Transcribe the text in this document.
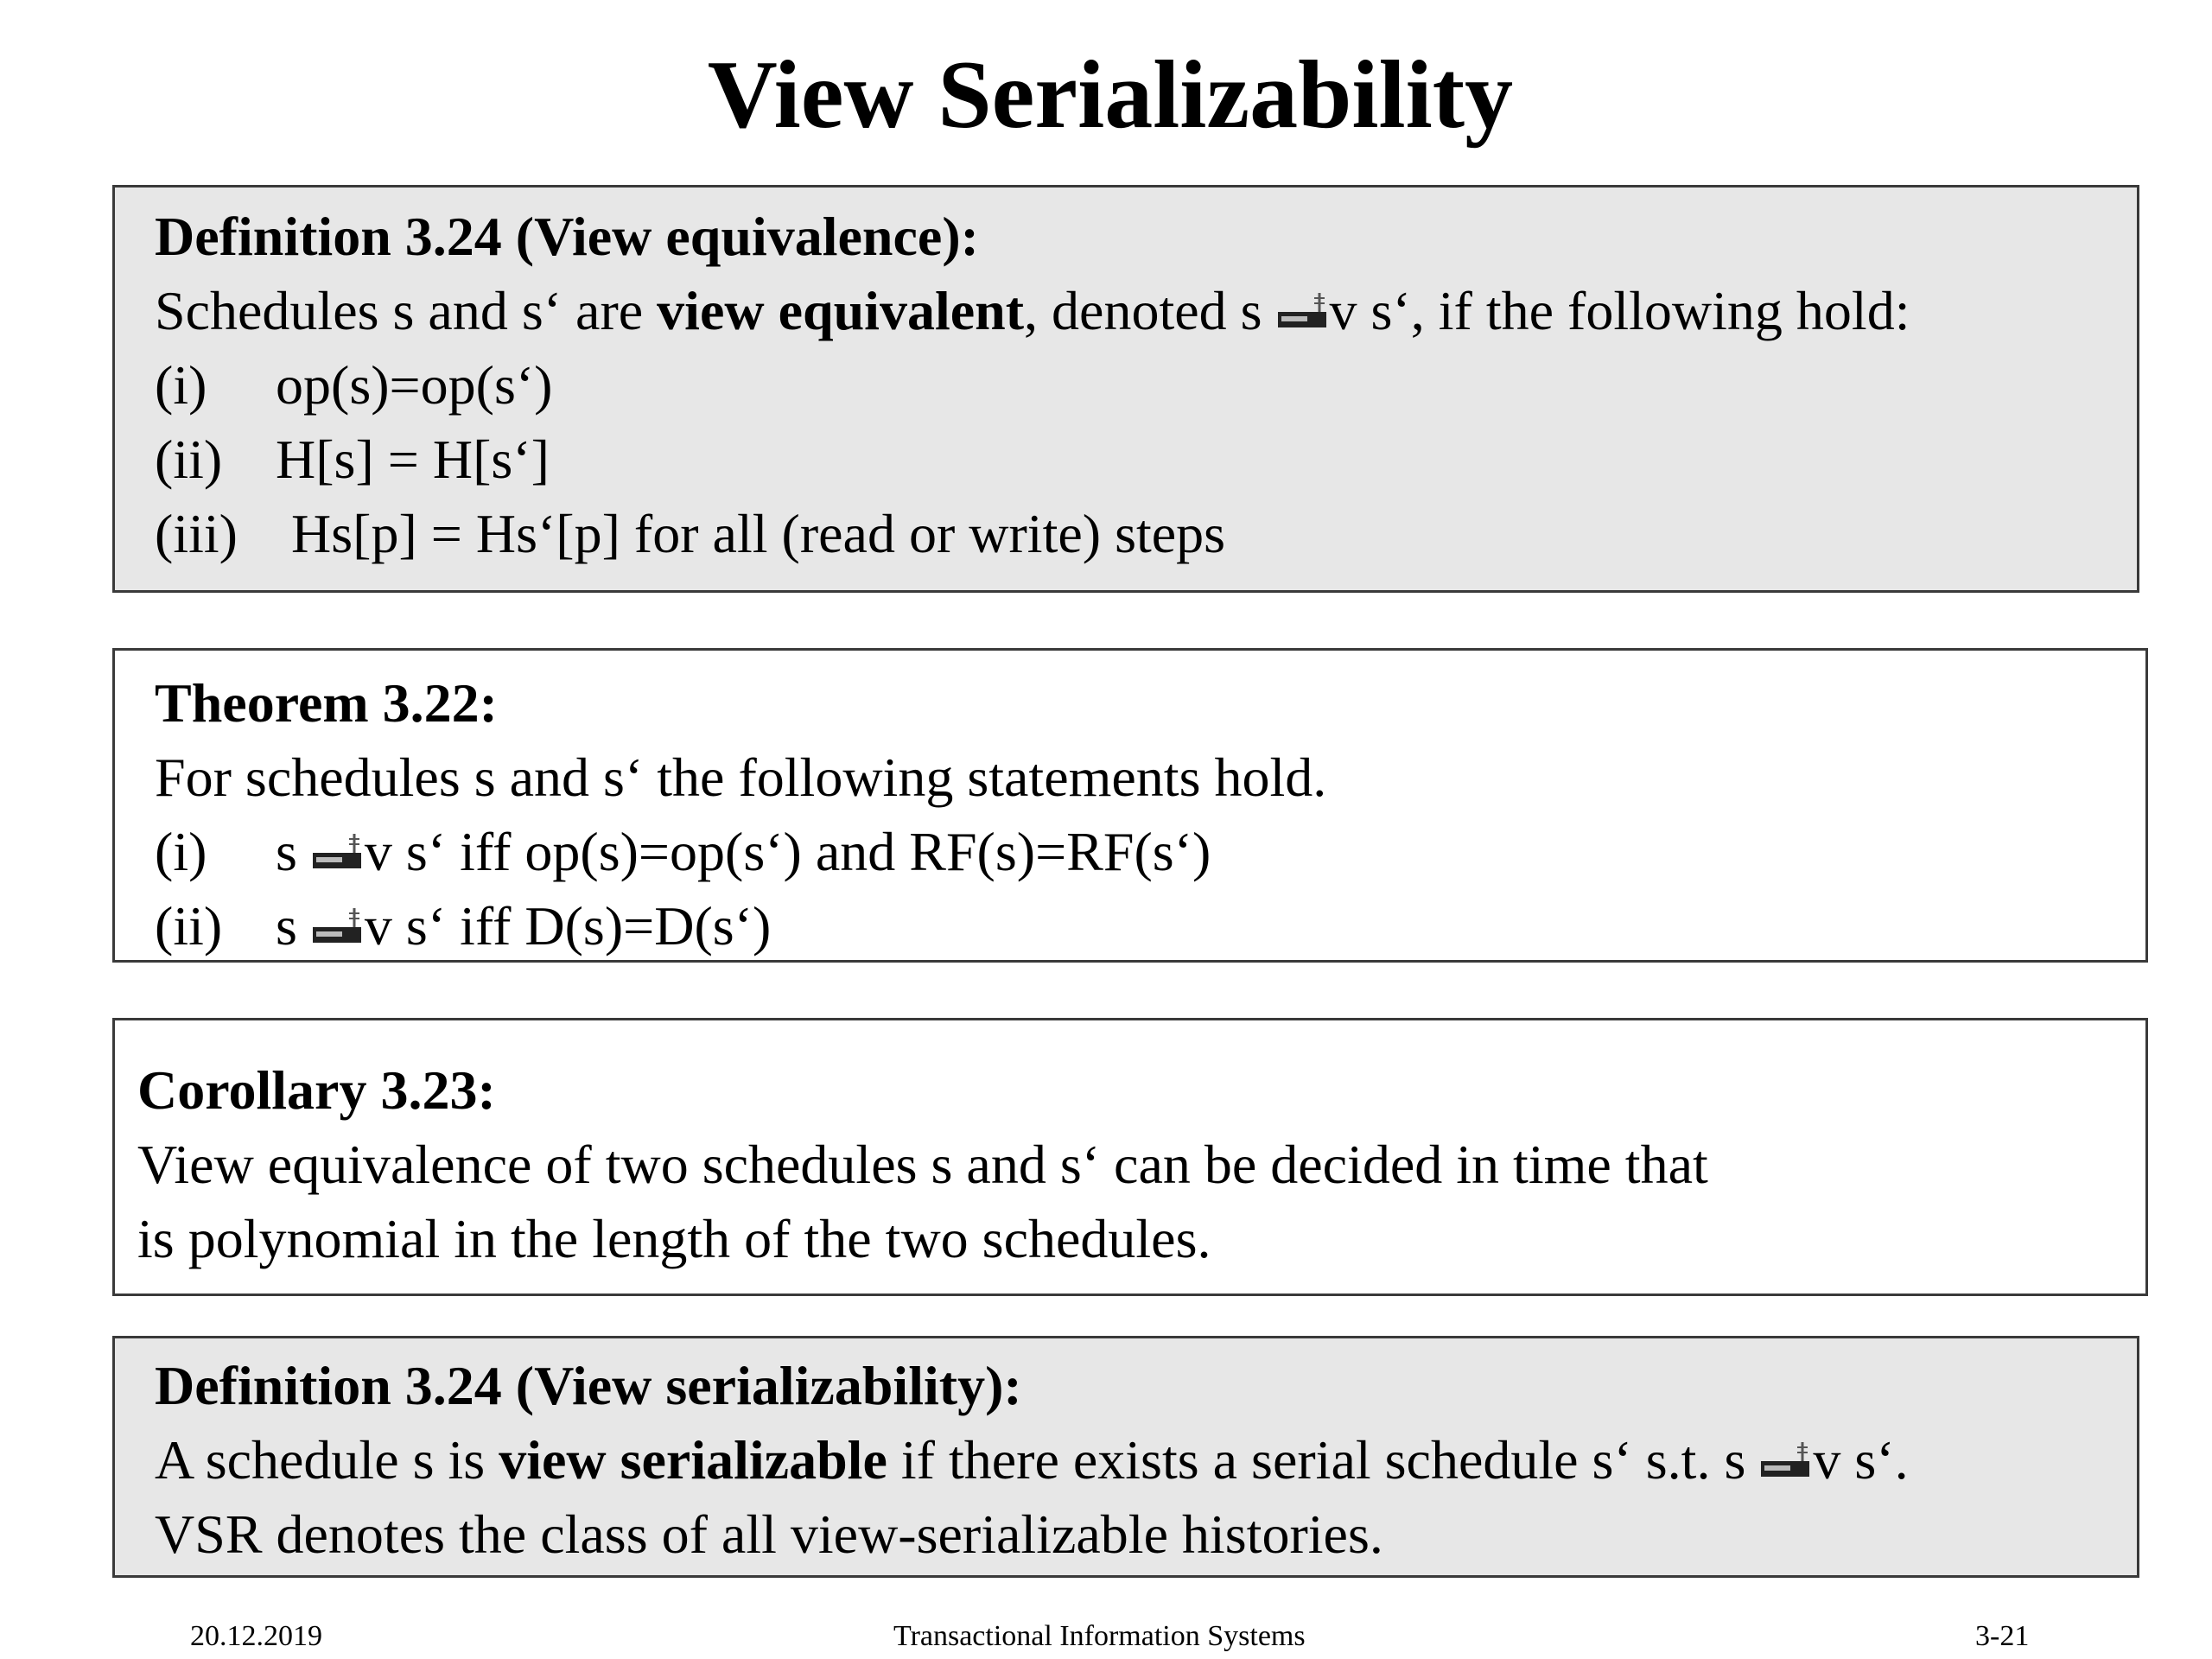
View Serializability
Definition 3.24 (View equivalence):
Schedules s and s‘ are view equivalent, denoted s
v s‘, if the following hold:
(i) op(s)=op(s‘)
(ii) H[s] = H[s‘]
(iii) Hs[p] = Hs‘[p] for all (read or write) steps
Theorem 3.22:
For schedules s and s‘ the following statements hold.
(i) s
v s‘ iff op(s)=op(s‘) and RF(s)=RF(s‘)
(ii) s
v s‘ iff D(s)=D(s‘)
Corollary 3.23:
View equivalence of two schedules s and s‘ can be decided in time that
is polynomial in the length of the two schedules.
Definition 3.24 (View serializability):
A schedule s is view serializable if there exists a serial schedule s‘ s.t. s
v s‘.
VSR denotes the class of all view-serializable histories.
20.12.2019	Transactional Information Systems	3-21
